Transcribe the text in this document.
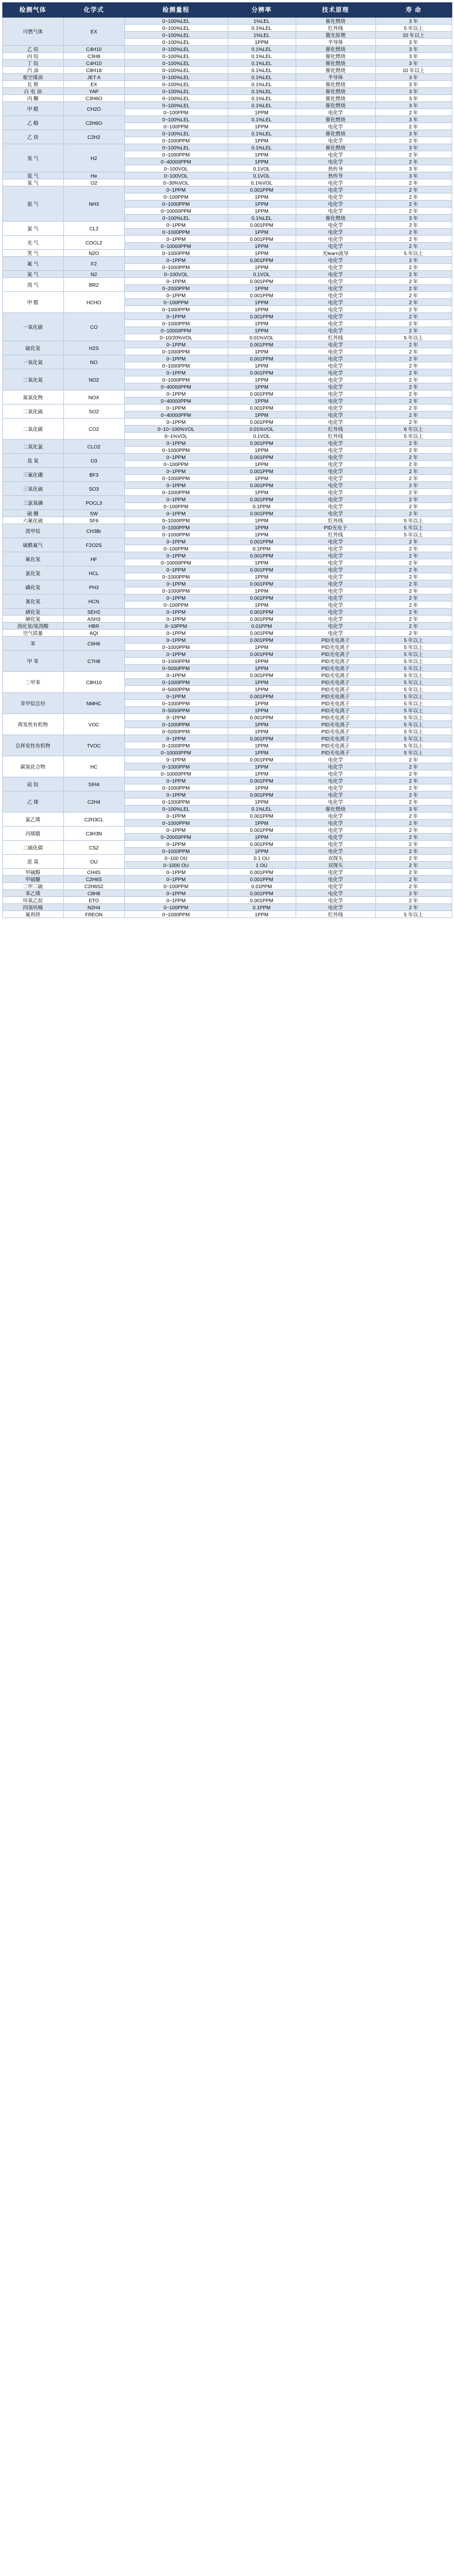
检测气体	化学式	检测量程	分辨率	技术原理	寿 命
可燃气体	EX	0~100%LEL	1%LEL	催化燃烧	3 年
		0~100%LEL	0.1%LEL	红外线	5 年以上
		0~100%LEL	1%LEL	激光原理	10 年以上
		0~100%LEL	1PPM	半导体	3 年
乙 烷	C4H10	0~100%LEL	0.1%LEL	催化燃烧	3 年
丙 烷	C3H8	0~100%LEL	0.1%LEL	催化燃烧	3 年
丁 烷	C4H10	0~100%LEL	0.1%LEL	催化燃烧	3 年
汽 油	C8H18	0~100%LEL	0.1%LEL	催化燃烧	10 年以上
航空煤油	JET A	0~100%LEL	0.1%LEL	半导体	3 年
瓦 斯	EX	0~100%LEL	0.1%LEL	催化燃烧	3 年
白 电 油	YAP	0~100%LEL	0.1%LEL	催化燃烧	3 年
丙 酮	C3H6O	0~100%LEL	0.1%LEL	催化燃烧	3 年
甲 醛	CH2O	0~100%LEL	0.1%LEL	催化燃烧	3 年
		0~100PPM	1PPM	电化学	2 年
乙 醇	C2H6O	0~100%LEL	0.1%LEL	催化燃烧	3 年
		0~100PPM	1PPM	电化学	2 年
乙 炔	C2H2	0~100%LEL	0.1%LEL	催化燃烧	3 年
		0~1000PPM	1PPM	电化学	2 年
氢 气	H2	0~100%LEL	0.1%LEL	催化燃烧	3 年
		0~1000PPM	1PPM	电化学	2 年
		0~40000PPM	1PPM	电化学	2 年
		0~100VOL	0.1VOL	热传导	3 年
氦 气	He	0~100VOL	0.1VOL	热传导	3 年
氧 气	O2	0~30%VOL	0.1%VOL	电化学	2 年
氨 气	NH3	0~1PPM	0.001PPM	电化学	2 年
		0~100PPM	1PPM	电化学	2 年
		0~1000PPM	1PPM	电化学	2 年
		0~10000PPM	1PPM	电化学	2 年
		0~100%LEL	0.1%LEL	催化燃烧	3 年
氯 气	CL2	0~1PPM	0.001PPM	电化学	2 年
		0~1000PPM	1PPM	电化学	2 年
光 气	COCL2	0~1PPM	0.001PPM	电化学	2 年
		0~10000PPM	1PPM	电化学	2 年
笑 气	N2O	0~1000PPM	1PPM	光learn波导	5 年以上
氟 气	F2	0~1PPM	0.001PPM	电化学	2 年
		0~1000PPM	1PPM	电化学	2 年
氮 气	N2	0~100VOL	0.1VOL	电化学	2 年
溴 气	BR2	0~1PPM	0.001PPM	电化学	2 年
		0~2000PPM	1PPM	电化学	2 年
甲 醛	HCHO	0~1PPM	0.001PPM	电化学	2 年
		0~100PPM	1PPM	电化学	2 年
		0~1000PPM	1PPM	电化学	2 年
一氧化碳	CO	0~1PPM	0.001PPM	电化学	2 年
		0~1000PPM	1PPM	电化学	2 年
		0~10000PPM	1PPM	电化学	2 年
		0~10/20%VOL	0.01%VOL	红外线	5 年以上
硫化氢	H2S	0~1PPM	0.001PPM	电化学	2 年
		0~1000PPM	1PPM	电化学	2 年
一氧化氮	NO	0~1PPM	0.001PPM	电化学	2 年
		0~1000PPM	1PPM	电化学	2 年
二氧化氮	NO2	0~1PPM	0.001PPM	电化学	2 年
		0~1000PPM	1PPM	电化学	2 年
		0~40000PPM	1PPM	电化学	2 年
氮氧化物	NOX	0~1PPM	0.001PPM	电化学	2 年
		0~40000PPM	1PPM	电化学	2 年
二氧化硫	SO2	0~1PPM	0.001PPM	电化学	2 年
		0~40000PPM	1PPM	电化学	2 年
二氧化碳	CO2	0~1PPM	0.001PPM	电化学	2 年
		0~10~100%VOL	0.01%VOL	红外线	6 年以上
		0~1%VOL	0.1VOL	红外线	5 年以上
二氧化氯	CLO2	0~1PPM	0.001PPM	电化学	2 年
		0~1000PPM	1PPM	电化学	2 年
臭 氧	O3	0~1PPM	0.001PPM	电化学	2 年
		0~100PPM	1PPM	电化学	2 年
三氟化硼	BF3	0~1PPM	0.001PPM	电化学	2 年
		0~1000PPM	1PPM	电化学	2 年
三氧化硫	SO3	0~1PPM	0.001PPM	电化学	2 年
		0~1000PPM	1PPM	电化学	2 年
三氯氧磷	POCL3	0~1PPM	0.001PPM	电化学	2 年
		0~100PPM	0.1PPM	电化学	2 年
硫 醚	SW	0~1PPM	0.001PPM	电化学	2 年
六氟化硫	SF6	0~1000PPM	1PPM	红外线	5 年以上
溴甲烷	CH3Br	0~1000PPM	1PPM	PID光电子	5 年以上
		0~1000PPM	1PPM	红外线	5 年以上
硫酰氟气	F2O2S	0~1PPM	0.001PPM	电化学	2 年
		0~100PPM	0.1PPM	电化学	2 年
氟化氢	HF	0~1PPM	0.001PPM	电化学	2 年
		0~10000PPM	1PPM	电化学	2 年
氯化氢	HCL	0~1PPM	0.001PPM	电化学	2 年
		0~1000PPM	1PPM	电化学	2 年
磷化氢	PH3	0~1PPM	0.001PPM	电化学	2 年
		0~1000PPM	1PPM	电化学	2 年
氰化氢	HCN	0~1PPM	0.001PPM	电化学	2 年
		0~100PPM	1PPM	电化学	2 年
硒化氢	SEH2	0~1PPM	0.001PPM	电化学	2 年
砷化氢	ASH3	0~1PPM	0.001PPM	电化学	2 年
溴化氢/氢溴酸	HBR	0~10PPM	0.01PPM	电化学	2 年
空气质量	AQI	0~1PPM	0.001PPM	电化学	2 年
苯	C6H6	0~1PPM	0.001PPM	PID光电离子	5 年以上
		0~1000PPM	1PPM	PID光电离子	5 年以上
甲 苯	C7H8	0~1PPM	0.001PPM	PID光电离子	5 年以上
		0~1000PPM	1PPM	PID光电离子	5 年以上
		0~5000PPM	1PPM	PID光电离子	5 年以上
二甲苯	C8H10	0~1PPM	0.001PPM	PID光电离子	5 年以上
		0~1000PPM	1PPM	PID光电离子	5 年以上
		0~5000PPM	1PPM	PID光电离子	5 年以上
非甲烷总烃	NMHC	0~1PPM	0.001PPM	PID光电离子	5 年以上
		0~1000PPM	1PPM	PID光电离子	5 年以上
		0~5000PPM	1PPM	PID光电离子	5 年以上
挥发性有机物	VOC	0~1PPM	0.001PPM	PID光电离子	5 年以上
		0~1000PPM	1PPM	PID光电离子	5 年以上
		0~5000PPM	1PPM	PID光电离子	5 年以上
总挥发性有机物	TVOC	0~1PPM	0.001PPM	PID光电离子	5 年以上
		0~1000PPM	1PPM	PID光电离子	5 年以上
		0~10000PPM	1PPM	PID光电离子	5 年以上
碳氢化合物	HC	0~1PPM	0.001PPM	电化学	2 年
		0~1000PPM	1PPM	电化学	2 年
		0~10000PPM	1PPM	电化学	2 年
硅 烷	SIH4	0~1PPM	0.001PPM	电化学	2 年
		0~1000PPM	1PPM	电化学	2 年
乙 烯	C2H4	0~1PPM	0.001PPM	电化学	2 年
		0~1000PPM	1PPM	电化学	2 年
		0~100%LEL	0.1%LEL	催化燃烧	3 年
氯乙烯	C2H3CL	0~1PPM	0.001PPM	电化学	2 年
		0~1000PPM	1PPM	电化学	2 年
丙烯腈	C3H3N	0~1PPM	0.001PPM	电化学	2 年
		0~20000PPM	1PPM	电化学	2 年
二硫化碳	CS2	0~1PPM	0.001PPM	电化学	2 年
		0~1000PPM	1PPM	电化学	2 年
恶 臭	OU	0~100 OU	0.1 OU	双探头	2 年
		0~1000 OU	1 OU	双探头	2 年
甲硫醇	CH4S	0~1PPM	0.001PPM	电化学	2 年
甲硫醚	C2H6S	0~1PPM	0.001PPM	电化学	2 年
二甲二硫	C2H6S2	0~100PPM	0.01PPM	电化学	2 年
苯乙烯	C8H8	0~1PPM	0.001PPM	电化学	2 年
环氧乙烷	ETO	0~1PPM	0.001PPM	电化学	2 年
四氢呋喃	N2H4	0~100PPM	0.1PPM	电化学	2 年
氟利昂	FREON	0~1000PPM	1PPM	红外线	5 年以上
